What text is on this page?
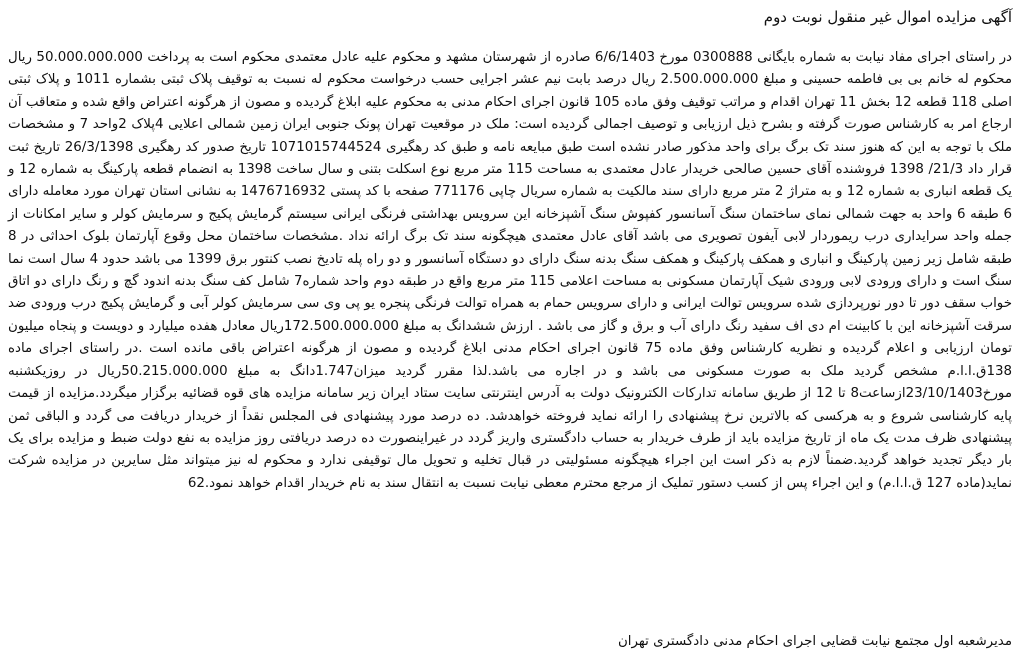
آگهی مزایده اموال غیر منقول نوبت دوم
در راستای اجرای مفاد نیابت به شماره بایگانی 0300888 مورخ 6/6/1403 صادره از شهرستان مشهد و محکوم علیه عادل معتمدی محکوم است به پرداخت 50.000.000.000 ریال محکوم له خانم بی بی فاطمه حسینی و مبلغ 2.500.000.000 ریال درصد بابت نیم عشر اجرایی حسب درخواست محکوم له نسبت به توقیف پلاک ثبتی بشماره 1011 و پلاک ثبتی اصلی 118 قطعه 12 بخش 11 تهران اقدام و مراتب توقیف وفق ماده 105 قانون اجرای احکام مدنی به محکوم علیه ابلاغ گردیده و مصون از هرگونه اعتراض واقع شده و متعاقب آن ارجاع امر به کارشناس صورت گرفته و بشرح ذیل ارزیابی و توصیف اجمالی گردیده است: ملک در موقعیت تهران پونک جنوبی ایران زمین شمالی اعلایی 4پلاک 2واحد 7 و مشخصات ملک با توجه به این که هنوز سند تک برگ برای واحد مذکور صادر نشده است طبق مبایعه نامه و طبق کد رهگیری 1071015744524 تاریخ صدور کد رهگیری 26/3/1398 تاریخ ثبت قرار داد 21/3/ 1398 فروشنده آقای حسین صالحی خریدار عادل معتمدی به مساحت 115 متر مربع نوع اسکلت بتنی و سال ساخت 1398 به انضمام قطعه پارکینگ به شماره 12 و یک قطعه انباری به شماره 12 و به متراژ 2 متر مربع دارای سند مالکیت به شماره سریال چاپی 771176 صفحه با کد پستی 1476716932 به نشانی استان تهران مورد معامله دارای 6 طبقه 6 واحد به جهت شمالی نمای ساختمان سنگ آسانسور کفپوش سنگ آشپزخانه این سرویس بهداشتی فرنگی ایرانی سیستم گرمایش پکیج و سرمایش کولر و سایر امکانات از جمله واحد سرایداری درب ریموردار لابی آیفون تصویری می باشد آقای عادل معتمدی هیچگونه سند تک برگ ارائه نداد .مشخصات ساختمان محل وقوع آپارتمان بلوک احداثی در 8 طبقه شامل زیر زمین پارکینگ و انباری و همکف پارکینگ و همکف سنگ بدنه سنگ دارای دو دستگاه آسانسور و دو راه پله تادیخ نصب کنتور برق 1399 می باشد حدود 4 سال است نما سنگ است و دارای ورودی لابی ورودی شیک آپارتمان مسکونی به مساحت اعلامی 115 متر مربع واقع در طبقه دوم واحد شماره7 شامل کف سنگ بدنه اندود گچ و رنگ دارای دو اتاق خواب سقف دور تا دور نورپردازی شده سرویس توالت ایرانی و دارای سرویس حمام به همراه توالت فرنگی پنجره یو پی وی سی سرمایش کولر آبی و گرمایش پکیج درب ورودی ضد سرقت آشپزخانه این با کابینت ام دی اف سفید رنگ دارای آب و برق و گاز می باشد . ارزش ششدانگ به مبلغ 172.500.000.000ریال معادل هفده میلیارد و دویست و پنجاه میلیون تومان ارزیابی و اعلام گردیده و نظریه کارشناس وفق ماده 75 قانون اجرای احکام مدنی ابلاغ گردیده و مصون از هرگونه اعتراض باقی مانده است .در راستای اجرای ماده 138ق.ا.ا.م مشخص گردید ملک به صورت مسکونی می باشد و در اجاره می باشد.لذا مقرر گردید میزان1.747دانگ به مبلغ 50.215.000.000ریال در روزیکشنبه مورخ23/10/1403ازساعت8 تا 12 از طریق سامانه تدارکات الکترونیک دولت به آدرس اینترنتی سایت ستاد ایران زیر سامانه مزایده های قوه قضائیه برگزار میگردد.مزایده از قیمت پایه کارشناسی شروع و به هرکسی که بالاترین نرخ پیشنهادی را ارائه نماید فروخته خواهدشد. ده درصد مورد پیشنهادی فی المجلس نقداً از خریدار دریافت می گردد و الباقی ثمن پیشنهادی ظرف مدت یک ماه از تاریخ مزایده باید از طرف خریدار به حساب دادگستری واریز گردد در غیراینصورت ده درصد دریافتی روز مزایده به نفع دولت ضبط و مزایده برای یک بار دیگر تجدید خواهد گردید.ضمناً لازم به ذکر است این اجراء هیچگونه مسئولیتی در قبال تخلیه و تحویل مال توقیفی ندارد و محکوم له نیز میتواند مثل سایرین در مزایده شرکت نماید(ماده 127 ق.ا.ا.م) و این اجراء پس از کسب دستور تملیک از مرجع محترم معطی نیابت نسبت به انتقال سند به نام خریدار اقدام خواهد نمود.62
مدیرشعبه اول مجتمع نیابت قضایی اجرای احکام مدنی دادگستری تهران
